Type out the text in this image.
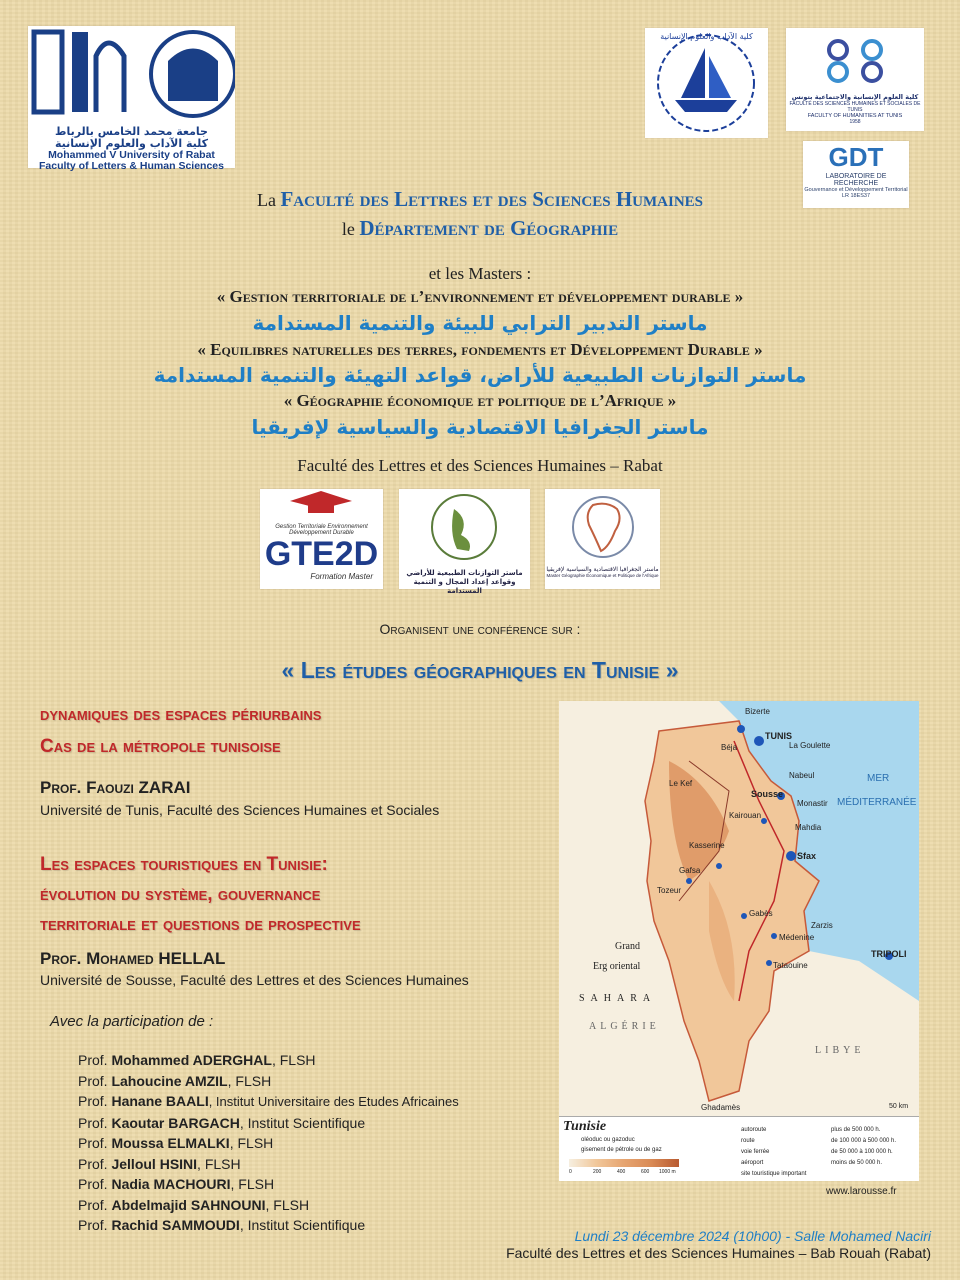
جامعة محمد الخامس بالرباط
كلية الآداب والعلوم الإنسانية
Mohammed V University of Rabat
Faculty of Letters & Human Sciences
كلية الآداب والعلوم الإنسانية
كلية العلوم الإنسانية والاجتماعية بتونس
FACULTÉ DES SCIENCES HUMAINES ET SOCIALES DE TUNIS
FACULTY OF HUMANITIES AT TUNIS
1958
GDT
LABORATOIRE DE RECHERCHE
Gouvernance et Développement Territorial
LR 18ES37
La Faculté des Lettres et des Sciences Humaines
le Département de Géographie
et les Masters :
« Gestion territoriale de l’environnement et développement durable »
ماستر التدبير الترابي للبيئة والتنمية المستدامة
« Equilibres naturelles des terres, fondements et Développement Durable »
ماستر التوازنات الطبيعية للأراض، قواعد التهيئة والتنمية المستدامة
« Géographie économique et politique de l’Afrique »
ماستر الجغرافيا الاقتصادية والسياسية لإفريقيا
Faculté des Lettres et des Sciences Humaines – Rabat
Gestion Territoriale Environnement Développement Durable
GTE2D
Formation Master	ماستر التوازنات الطبيعية للأراضي وقواعد إعداد المجال و التنمية المستدامة
ماستر الجغرافيا الاقتصادية والسياسية لإفريقيا
Master Géographie Économique et Politique de l'Afrique
Organisent une conférence sur :
« Les études géographiques en Tunisie »
dynamiques des espaces périurbains
Cas de la métropole tunisoise
Prof. Faouzi ZARAI
Université de Tunis, Faculté des Sciences Humaines et Sociales
Les espaces touristiques en Tunisie:
évolution du système, gouvernance
territoriale et questions de prospective
Prof. Mohamed HELLAL
Université de Sousse, Faculté des Lettres et des Sciences Humaines
Avec la participation de :
Prof. Mohammed ADERGHAL, FLSH
Prof. Lahoucine AMZIL, FLSH
Prof. Hanane BAALI, Institut Universitaire des Etudes Africaines
Prof. Kaoutar BARGACH, Institut Scientifique
Prof. Moussa ELMALKI, FLSH
Prof. Jelloul HSINI, FLSH
Prof. Nadia MACHOURI, FLSH
Prof. Abdelmajid SAHNOUNI, FLSH
Prof. Rachid SAMMOUDI, Institut Scientifique
Bizerte
TUNIS
La Goulette
Béja
Nabeul
Sousse
Monastir
Kairouan
Mahdia
Sfax
Gabès
Tozeur
Kasserine
Gafsa
Médenine
Tataouine
Zarzis
Le Kef
Ghadamès
TRIPOLI
MER
MÉDITERRANÉE
Grand
Erg oriental
SAHARA
ALGÉRIE
LIBYE
50 km
Tunisie
oléoduc ou gazoduc
gisement de pétrole ou de gaz
0	200	400	600 1000 m
autoroute
route
voie ferrée
aéroport
site touristique important
plus de 500 000 h.
de 100 000 à 500 000 h.
de 50 000 à 100 000 h.
moins de 50 000 h.
www.larousse.fr
Lundi 23 décembre 2024 (10h00) - Salle Mohamed Naciri
Faculté des Lettres et des Sciences Humaines – Bab Rouah (Rabat)
